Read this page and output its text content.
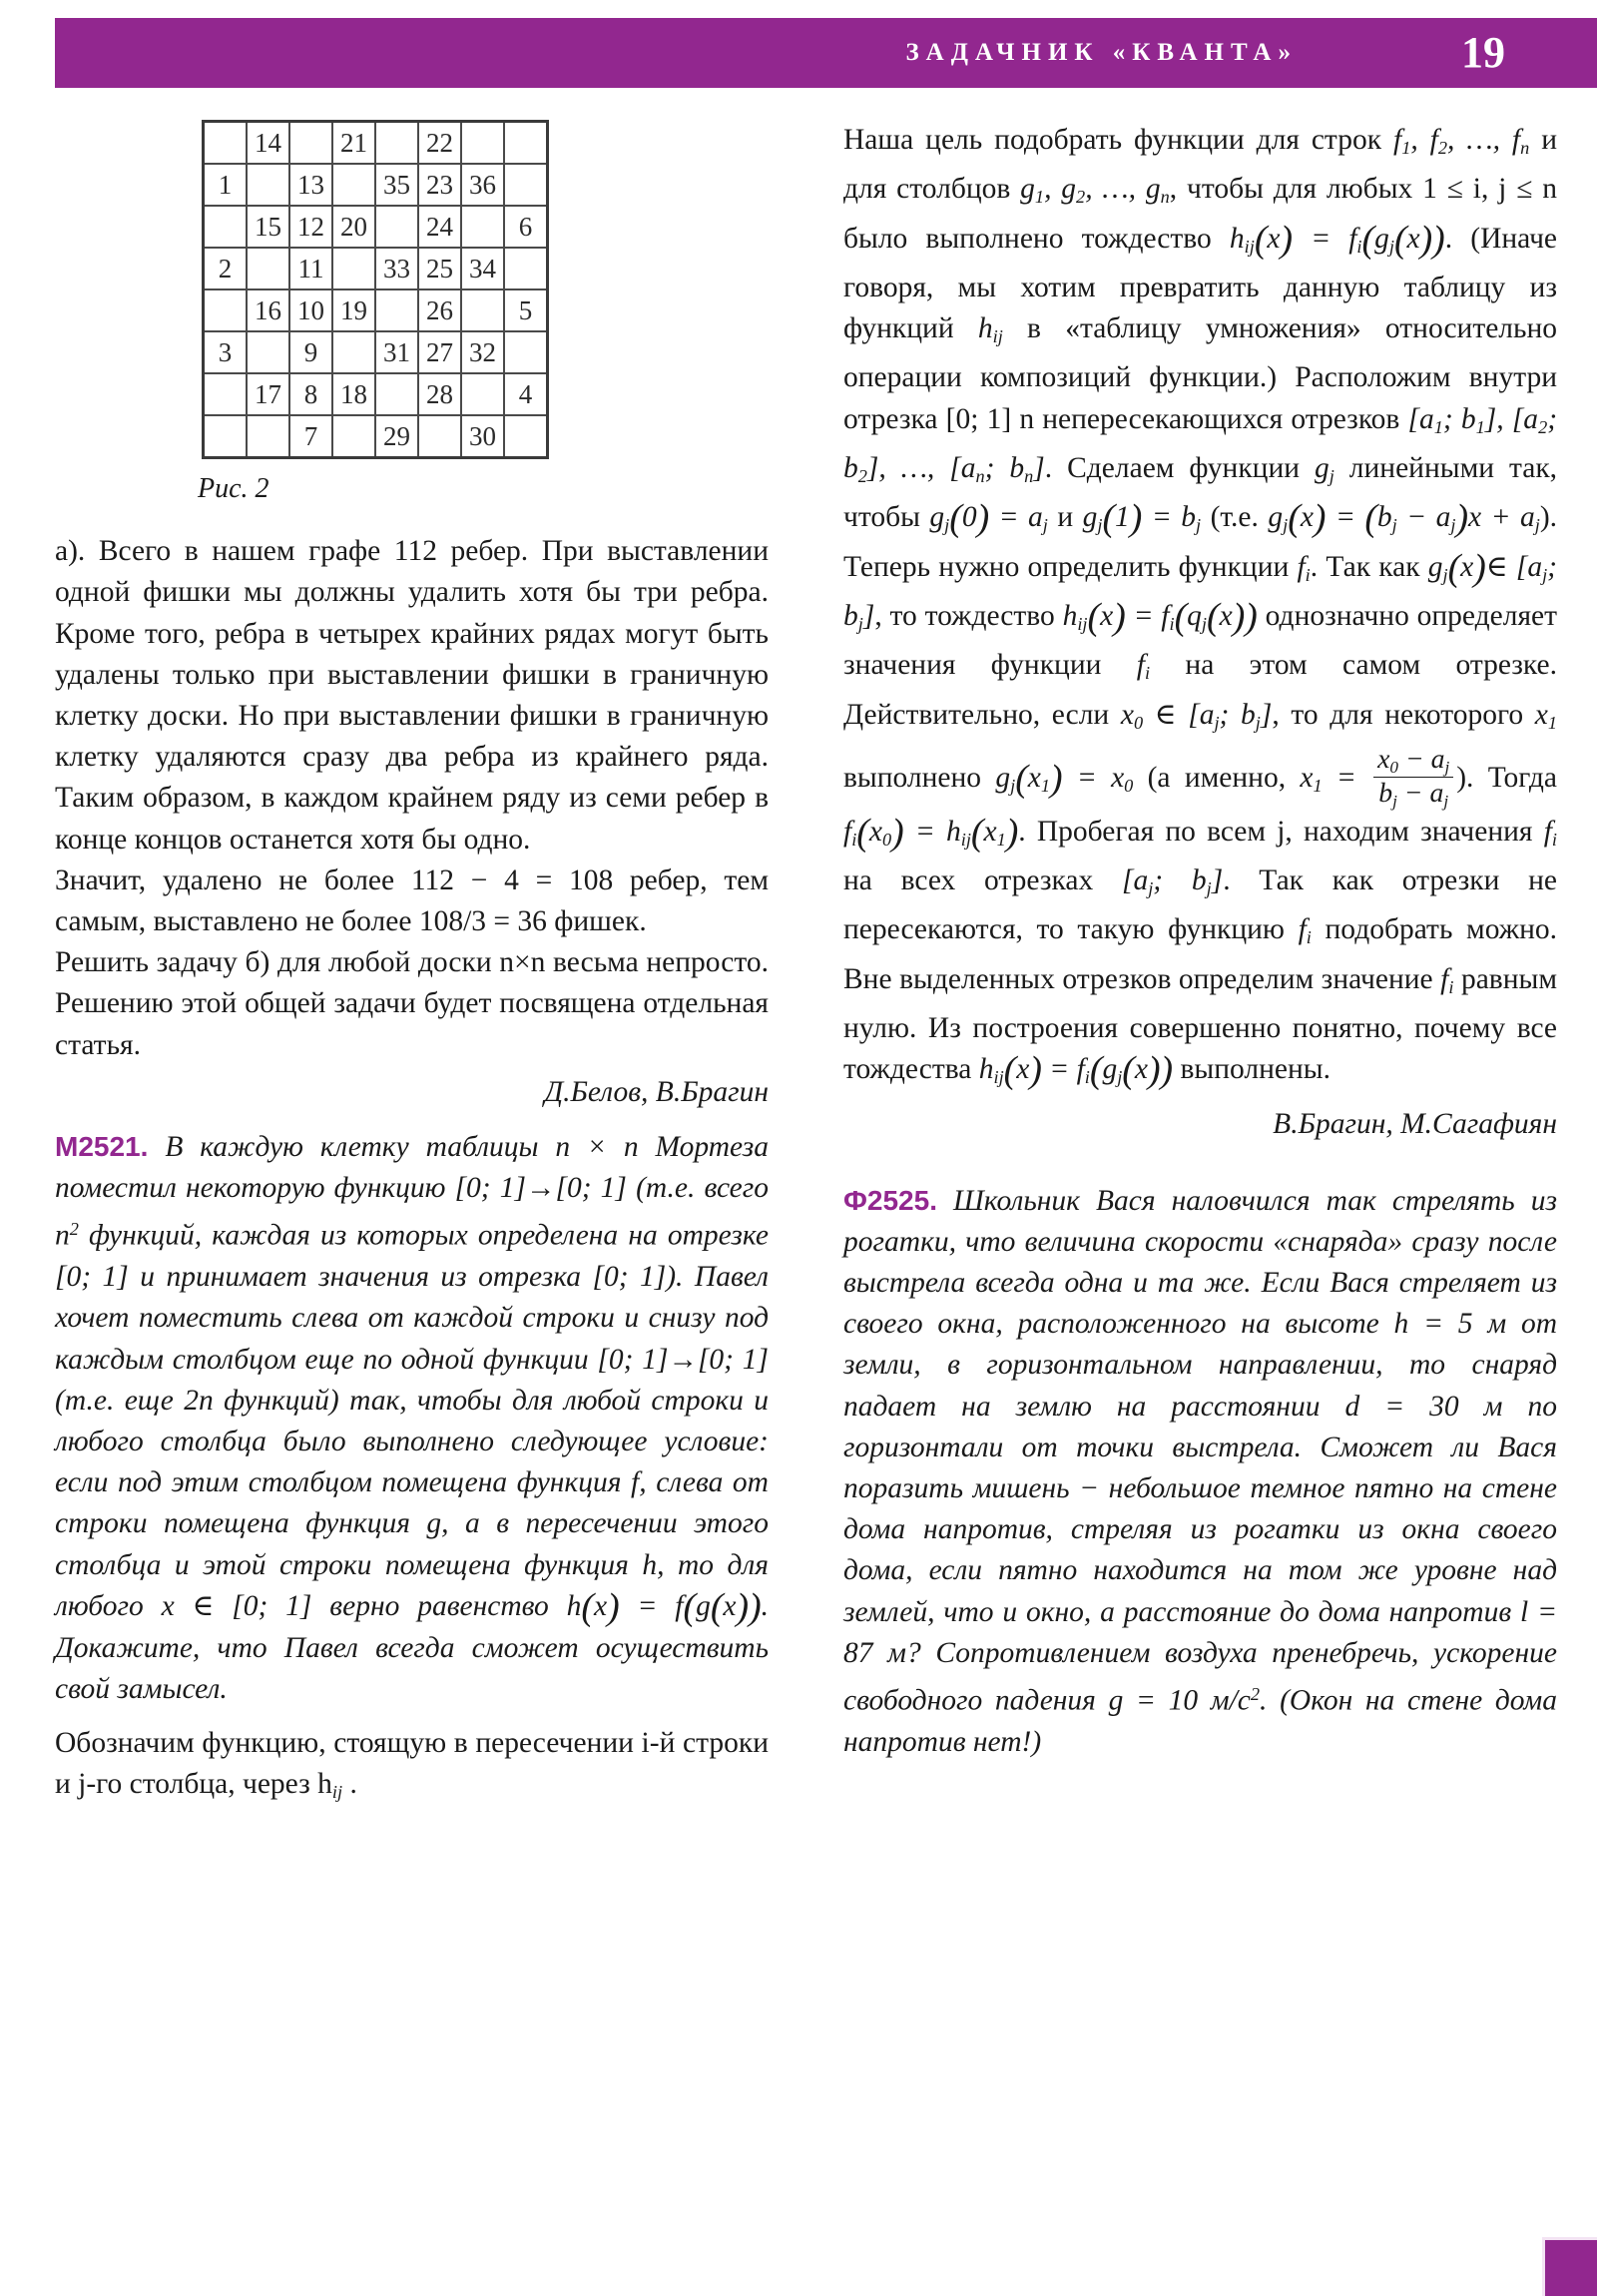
ЗАДАЧНИК «КВАНТА»	19
	14		21		22		
1		13		35	23	36	
	15	12	20		24		6
2		11		33	25	34	
	16	10	19		26		5
3		9		31	27	32	
	17	8	18		28		4
		7		29		30	
Рис. 2

а). Всего в нашем графе 112 ребер. При выставлении одной фишки мы должны удалить хотя бы три ребра. Кроме того, ребра в четырех крайних рядах могут быть удалены только при выставлении фишки в граничную клетку доски. Но при выставлении фишки в граничную клетку удаляются сразу два ребра из крайнего ряда. Таким образом, в каждом крайнем ряду из семи ребер в конце концов останется хотя бы одно.

Значит, удалено не более 112 − 4 = 108 ребер, тем самым, выставлено не более 108/3 = 36 фишек.

Решить задачу б) для любой доски n×n весьма непросто. Решению этой общей задачи будет посвящена отдельная статья.

Д.Белов, В.Брагин

M2521. В каждую клетку таблицы n × n Мортеза поместил некоторую функцию [0; 1]→[0; 1] (т.е. всего $n^2$ функций, каждая из которых определена на отрезке [0; 1] и принимает значения из отрезка [0; 1]). Павел хочет поместить слева от каждой строки и снизу под каждым столбцом еще по одной функции [0; 1]→[0; 1] (т.е. еще 2n функций) так, чтобы для любой строки и любого столбца было выполнено следующее условие: если под этим столбцом помещена функция f, слева от строки помещена функция g, а в пересечении этого столбца и этой строки помещена функция h, то для любого x ∈ [0; 1] верно равенство h(x) = f(g(x)). Докажите, что Павел всегда сможет осуществить свой замысел.

Обозначим функцию, стоящую в пересечении i-й строки и j-го столбца, через $h_{ij}$ .

Наша цель подобрать функции для строк $f_1$, $f_2$, …, $f_n$ и для столбцов $g_1$, $g_2$, …, $g_n$, чтобы для любых 1 ≤ i, j ≤ n было выполнено тождество $h_{ij}(x) = f_i(g_j(x))$. (Иначе говоря, мы хотим превратить данную таблицу из функций $h_{ij}$ в «таблицу умножения» относительно операции композиций функции.) Расположим внутри отрезка [0; 1] n непересекающихся отрезков [$a_1$; $b_1$], [$a_2$; $b_2$], …, [$a_n$; $b_n$]. Сделаем функции $g_j$ линейными так, чтобы $g_j(0) = a_j$ и $g_j(1) = b_j$ (т.е. $g_j(x) = (b_j - a_j)x + a_j$). Теперь нужно определить функции $f_i$. Так как $g_j(x)\in$ [$a_j$; $b_j$], то тождество $h_{ij}(x) = f_i(q_j(x))$ однозначно определяет значения функции $f_i$ на этом самом отрезке. Действительно, если $x_0$ ∈ [$a_j$; $b_j$], то для некоторого $x_1$ выполнено $g_j(x_1) = x_0$ (а именно, $x_1 = \frac{x_0 - a_j}{b_j - a_j}$ ). Тогда $f_i(x_0) = h_{ij}(x_1)$. Пробегая по всем j, находим значения $f_i$ на всех отрезках [$a_j$; $b_j$]. Так как отрезки не пересекаются, то такую функцию $f_i$ подобрать можно. Вне выделенных отрезков определим значение $f_i$ равным нулю. Из построения совершенно понятно, почему все тождества $h_{ij}(x) = f_i(g_j(x))$ выполнены.

В.Брагин, М.Сагафиян

Ф2525. Школьник Вася наловчился так стрелять из рогатки, что величина скорости «снаряда» сразу после выстрела всегда одна и та же. Если Вася стреляет из своего окна, расположенного на высоте h = 5 м от земли, в горизонтальном направлении, то снаряд падает на землю на расстоянии d = 30 м по горизонтали от точки выстрела. Сможет ли Вася поразить мишень − небольшое темное пятно на стене дома напротив, стреляя из рогатки из окна своего дома, если пятно находится на том же уровне над землей, что и окно, а расстояние до дома напротив l = 87 м? Сопротивлением воздуха пренебречь, ускорение свободного падения g = 10 $м/с^2$. (Окон на стене дома напротив нет!)
